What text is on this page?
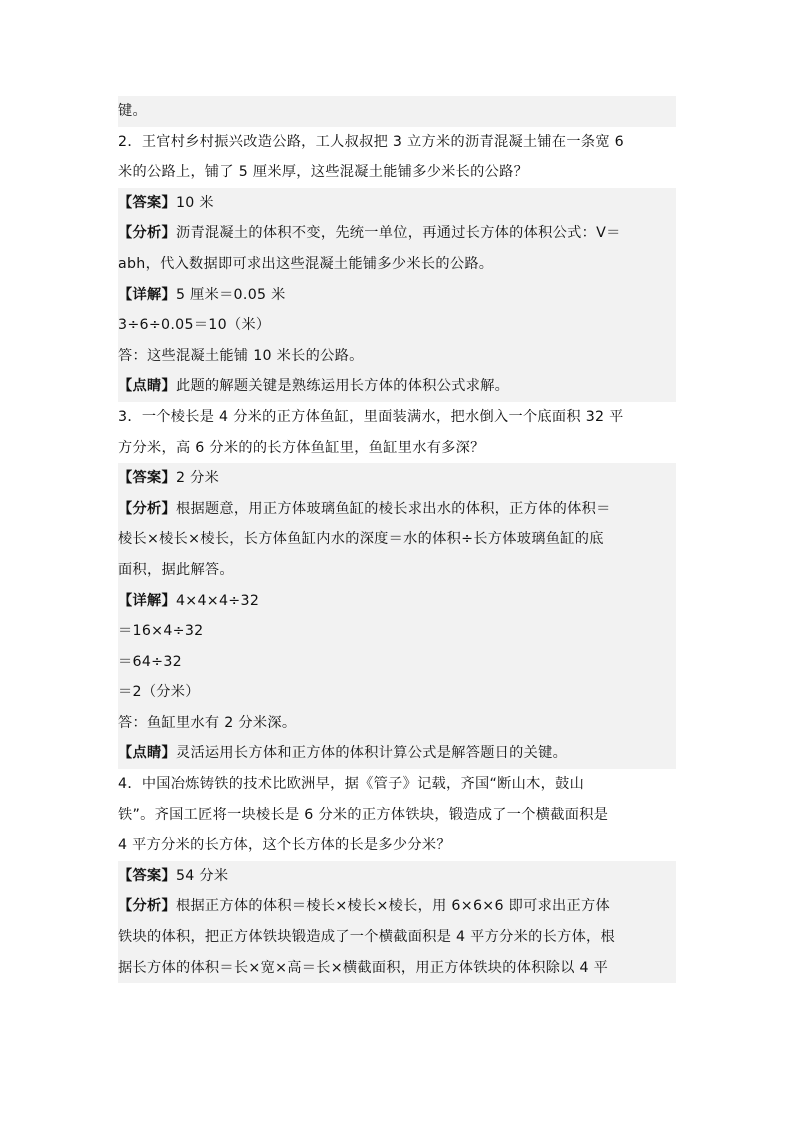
键。
2．王官村乡村振兴改造公路，工人叔叔把 3 立方米的沥青混凝土铺在一条宽 6
米的公路上，铺了 5 厘米厚，这些混凝土能铺多少米长的公路？
【答案】10 米
【分析】沥青混凝土的体积不变，先统一单位，再通过长方体的体积公式：V＝
abh，代入数据即可求出这些混凝土能铺多少米长的公路。
【详解】5 厘米＝0.05 米
3÷6÷0.05＝10（米）
答：这些混凝土能铺 10 米长的公路。
【点睛】此题的解题关键是熟练运用长方体的体积公式求解。
3．一个棱长是 4 分米的正方体鱼缸，里面装满水，把水倒入一个底面积 32 平
方分米，高 6 分米的的长方体鱼缸里，鱼缸里水有多深？
【答案】2 分米
【分析】根据题意，用正方体玻璃鱼缸的棱长求出水的体积，正方体的体积＝
棱长×棱长×棱长，长方体鱼缸内水的深度＝水的体积÷长方体玻璃鱼缸的底
面积，据此解答。
【详解】4×4×4÷32
＝16×4÷32
＝64÷32
＝2（分米）
答：鱼缸里水有 2 分米深。
【点睛】灵活运用长方体和正方体的体积计算公式是解答题日的关键。
4．中国冶炼铸铁的技术比欧洲早，据《管子》记载，齐国“断山木，鼓山
铁”。齐国工匠将一块棱长是 6 分米的正方体铁块，锻造成了一个横截面积是
4 平方分米的长方体，这个长方体的长是多少分米？
【答案】54 分米
【分析】根据正方体的体积＝棱长×棱长×棱长，用 6×6×6 即可求出正方体
铁块的体积，把正方体铁块锻造成了一个横截面积是 4 平方分米的长方体，根
据长方体的体积＝长×宽×高＝长×横截面积，用正方体铁块的体积除以 4 平
